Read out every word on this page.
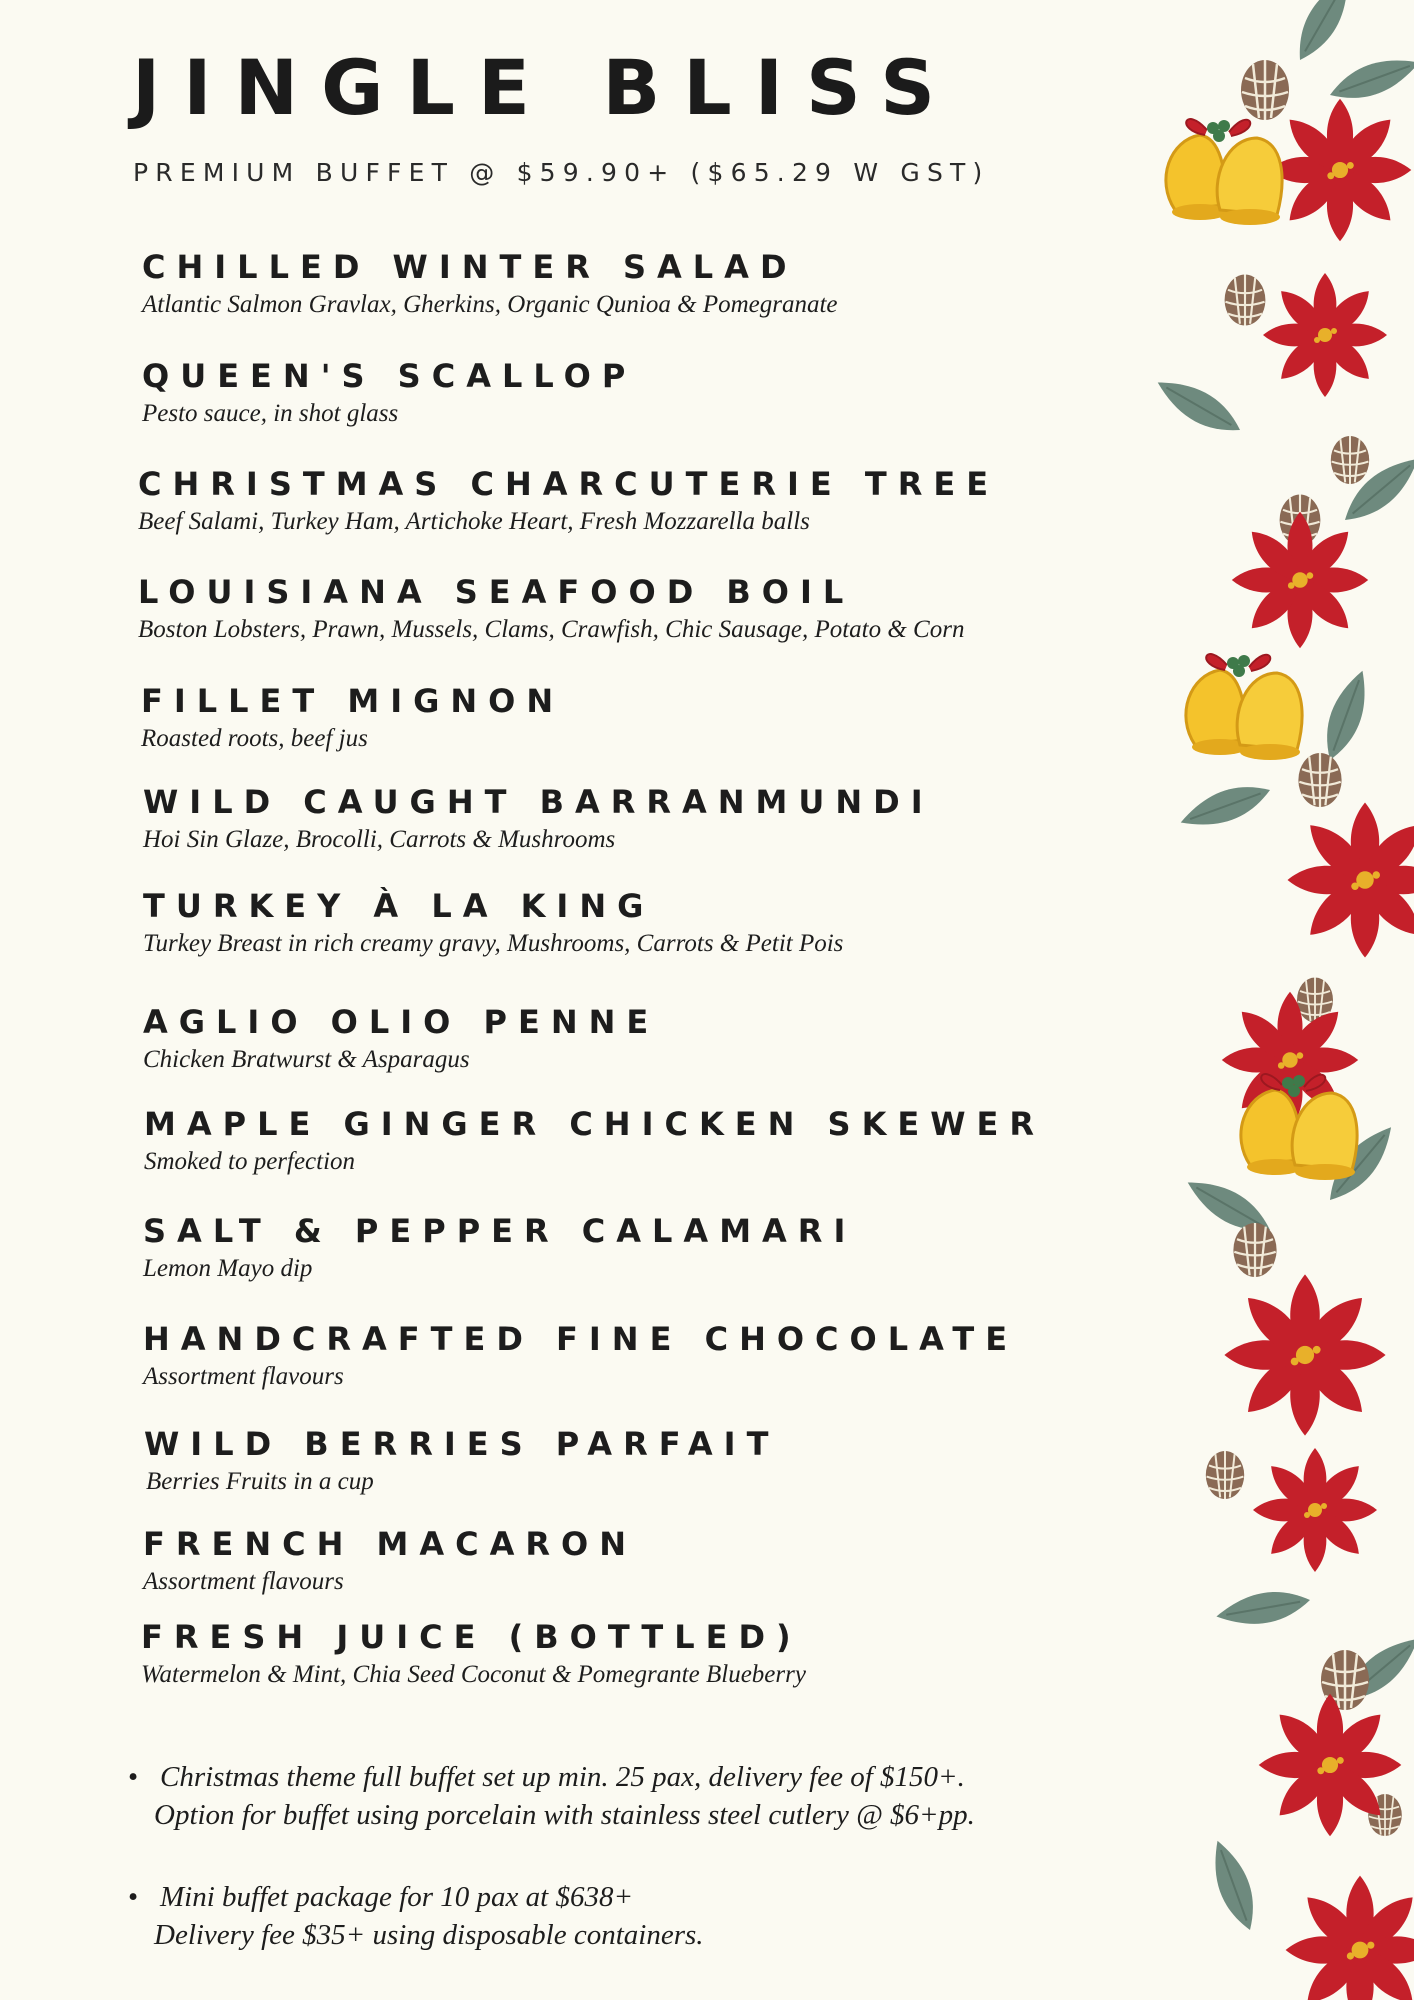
JINGLE BLISS

PREMIUM BUFFET @ $59.90+ ($65.29 W GST)

CHILLED WINTER SALAD
Atlantic Salmon Gravlax, Gherkins, Organic Qunioa & Pomegranate
QUEEN'S SCALLOP
Pesto sauce, in shot glass
CHRISTMAS CHARCUTERIE TREE
Beef Salami, Turkey Ham, Artichoke Heart, Fresh Mozzarella balls
LOUISIANA SEAFOOD BOIL
Boston Lobsters, Prawn, Mussels, Clams, Crawfish, Chic Sausage, Potato & Corn
FILLET MIGNON
Roasted roots, beef jus
WILD CAUGHT BARRANMUNDI
Hoi Sin Glaze, Brocolli, Carrots & Mushrooms
TURKEY À LA KING
Turkey Breast in rich creamy gravy, Mushrooms, Carrots & Petit Pois
AGLIO OLIO PENNE
Chicken Bratwurst & Asparagus
MAPLE GINGER CHICKEN SKEWER
Smoked to perfection
SALT & PEPPER CALAMARI
Lemon Mayo dip
HANDCRAFTED FINE CHOCOLATE
Assortment flavours
WILD BERRIES PARFAIT
Berries Fruits in a cup
FRENCH MACARON
Assortment flavours
FRESH JUICE (BOTTLED)
Watermelon & Mint, Chia Seed Coconut & Pomegrante Blueberry
• Christmas theme full buffet set up min. 25 pax, delivery fee of $150+.
Option for buffet using porcelain with stainless steel cutlery @ $6+pp.
• Mini buffet package for 10 pax at $638+
Delivery fee $35+ using disposable containers.
